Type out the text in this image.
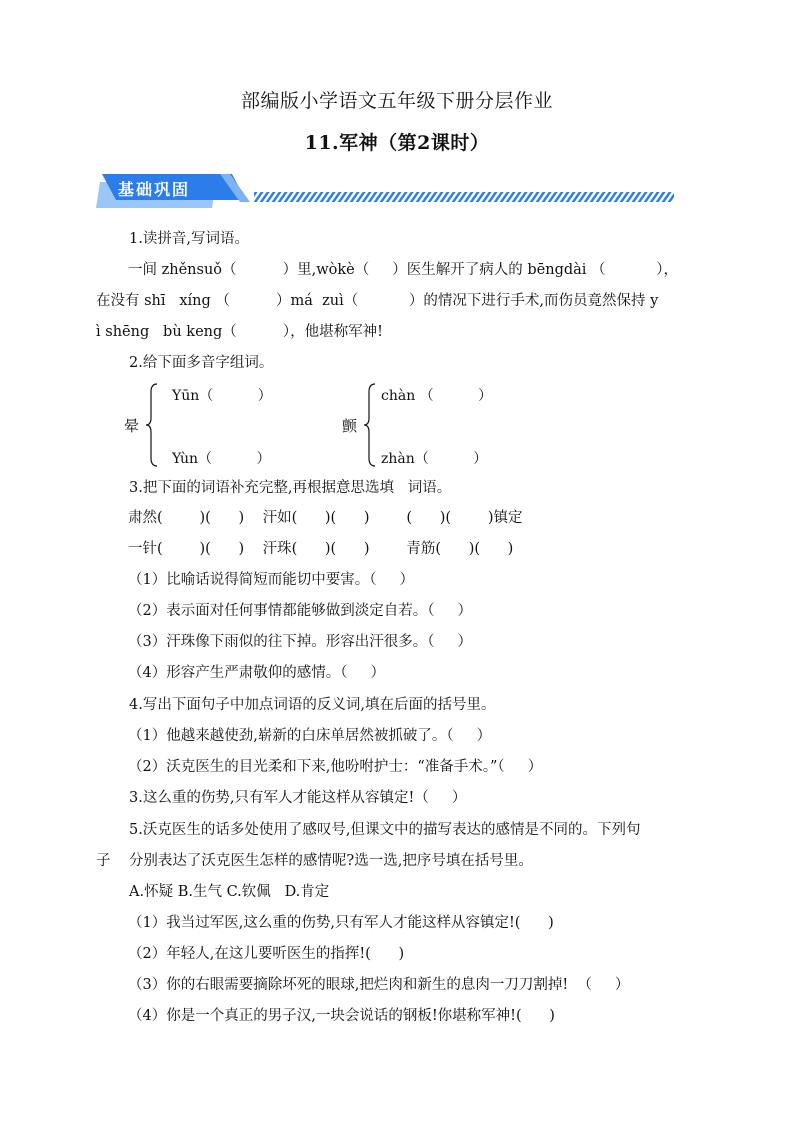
部编版小学语文五年级下册分层作业
11.军神（第2课时）
基础巩固
1.读拼音,写词语。
一间 zhěnsuǒ（          ）里,wòkè（     ）医生解开了病人的 bēngdài （           ），
在没有 shī   xíng （          ）má  zuì（           ）的情况下进行手术,而伤员竟然保持 y
ì shēng   bù keng（          ），他堪称军神!
2.给下面多音字组词。
晕
Yūn（          ）
Yùn（          ）
颤
chàn （          ）
zhàn（          ）
3.把下面的词语补充完整,再根据意思选填   词语。
肃然(        )(      )    汗如(      )(      )        (      )(        )镇定
一针(        )(      )    汗珠(      )(      )        青筋(      )(      )
（1）比喻话说得简短而能切中要害。（     ）
（2）表示面对任何事情都能够做到淡定自若。（     ）
（3）汗珠像下雨似的往下掉。形容出汗很多。（     ）
（4）形容产生严肃敬仰的感情。（     ）
4.写出下面句子中加点词语的反义词,填在后面的括号里。
（1）他越来越使劲,崭新的白床单居然被抓破了。（     ）
（2）沃克医生的目光柔和下来,他吩咐护士：“准备手术。”（     ）
3.这么重的伤势,只有军人才能这样从容镇定!（     ）
5.沃克医生的话多处使用了感叹号,但课文中的描写表达的感情是不同的。下列句
子    分别表达了沃克医生怎样的感情呢?选一选,把序号填在括号里。
A.怀疑 B.生气 C.钦佩   D.肯定
（1）我当过军医,这么重的伤势,只有军人才能这样从容镇定!(      )
（2）年轻人,在这儿要听医生的指挥!(      )
（3）你的右眼需要摘除坏死的眼球,把烂肉和新生的息肉一刀刀割掉!  （     ）
（4）你是一个真正的男子汉,一块会说话的钢板!你堪称军神!(      )
